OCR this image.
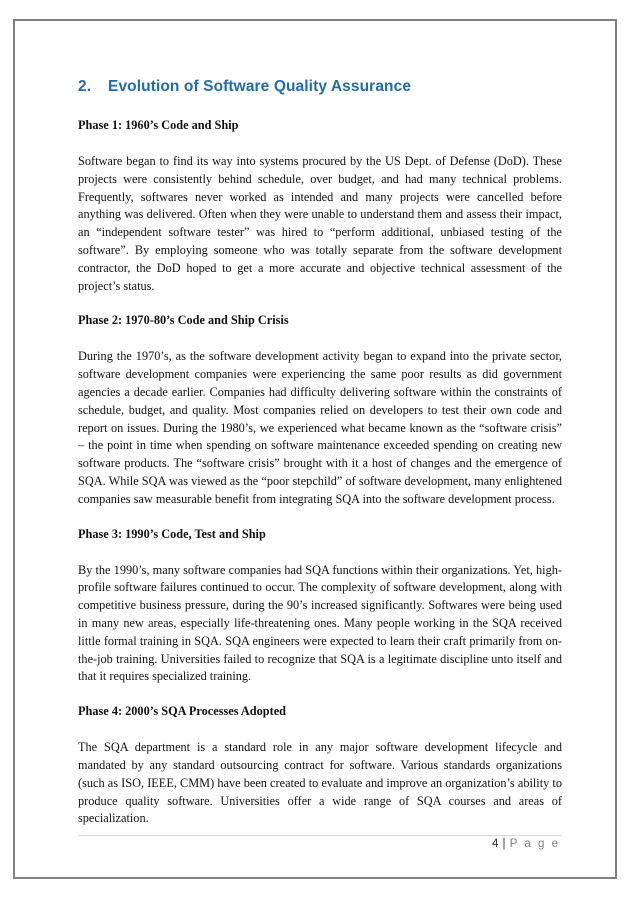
2. Evolution of Software Quality Assurance
Phase 1: 1960’s Code and Ship

Software began to find its way into systems procured by the US Dept. of Defense (DoD). These projects were consistently behind schedule, over budget, and had many technical problems. Frequently, softwares never worked as intended and many projects were cancelled before anything was delivered. Often when they were unable to understand them and assess their impact, an “independent software tester” was hired to “perform additional, unbiased testing of the software”. By employing someone who was totally separate from the software development contractor, the DoD hoped to get a more accurate and objective technical assessment of the project’s status.

Phase 2: 1970-80’s Code and Ship Crisis

During the 1970’s, as the software development activity began to expand into the private sector, software development companies were experiencing the same poor results as did government agencies a decade earlier. Companies had difficulty delivering software within the constraints of schedule, budget, and quality. Most companies relied on developers to test their own code and report on issues. During the 1980’s, we experienced what became known as the “software crisis” – the point in time when spending on software maintenance exceeded spending on creating new software products. The “software crisis” brought with it a host of changes and the emergence of SQA. While SQA was viewed as the “poor stepchild” of software development, many enlightened companies saw measurable benefit from integrating SQA into the software development process.

Phase 3: 1990’s Code, Test and Ship

By the 1990’s, many software companies had SQA functions within their organizations. Yet, high-profile software failures continued to occur. The complexity of software development, along with competitive business pressure, during the 90’s increased significantly. Softwares were being used in many new areas, especially life-threatening ones. Many people working in the SQA received little formal training in SQA. SQA engineers were expected to learn their craft primarily from on-the-job training. Universities failed to recognize that SQA is a legitimate discipline unto itself and that it requires specialized training.

Phase 4: 2000’s SQA Processes Adopted

The SQA department is a standard role in any major software development lifecycle and mandated by any standard outsourcing contract for software. Various standards organizations (such as ISO, IEEE, CMM) have been created to evaluate and improve an organization’s ability to produce quality software. Universities offer a wide range of SQA courses and areas of specialization.

4 | P a g e
